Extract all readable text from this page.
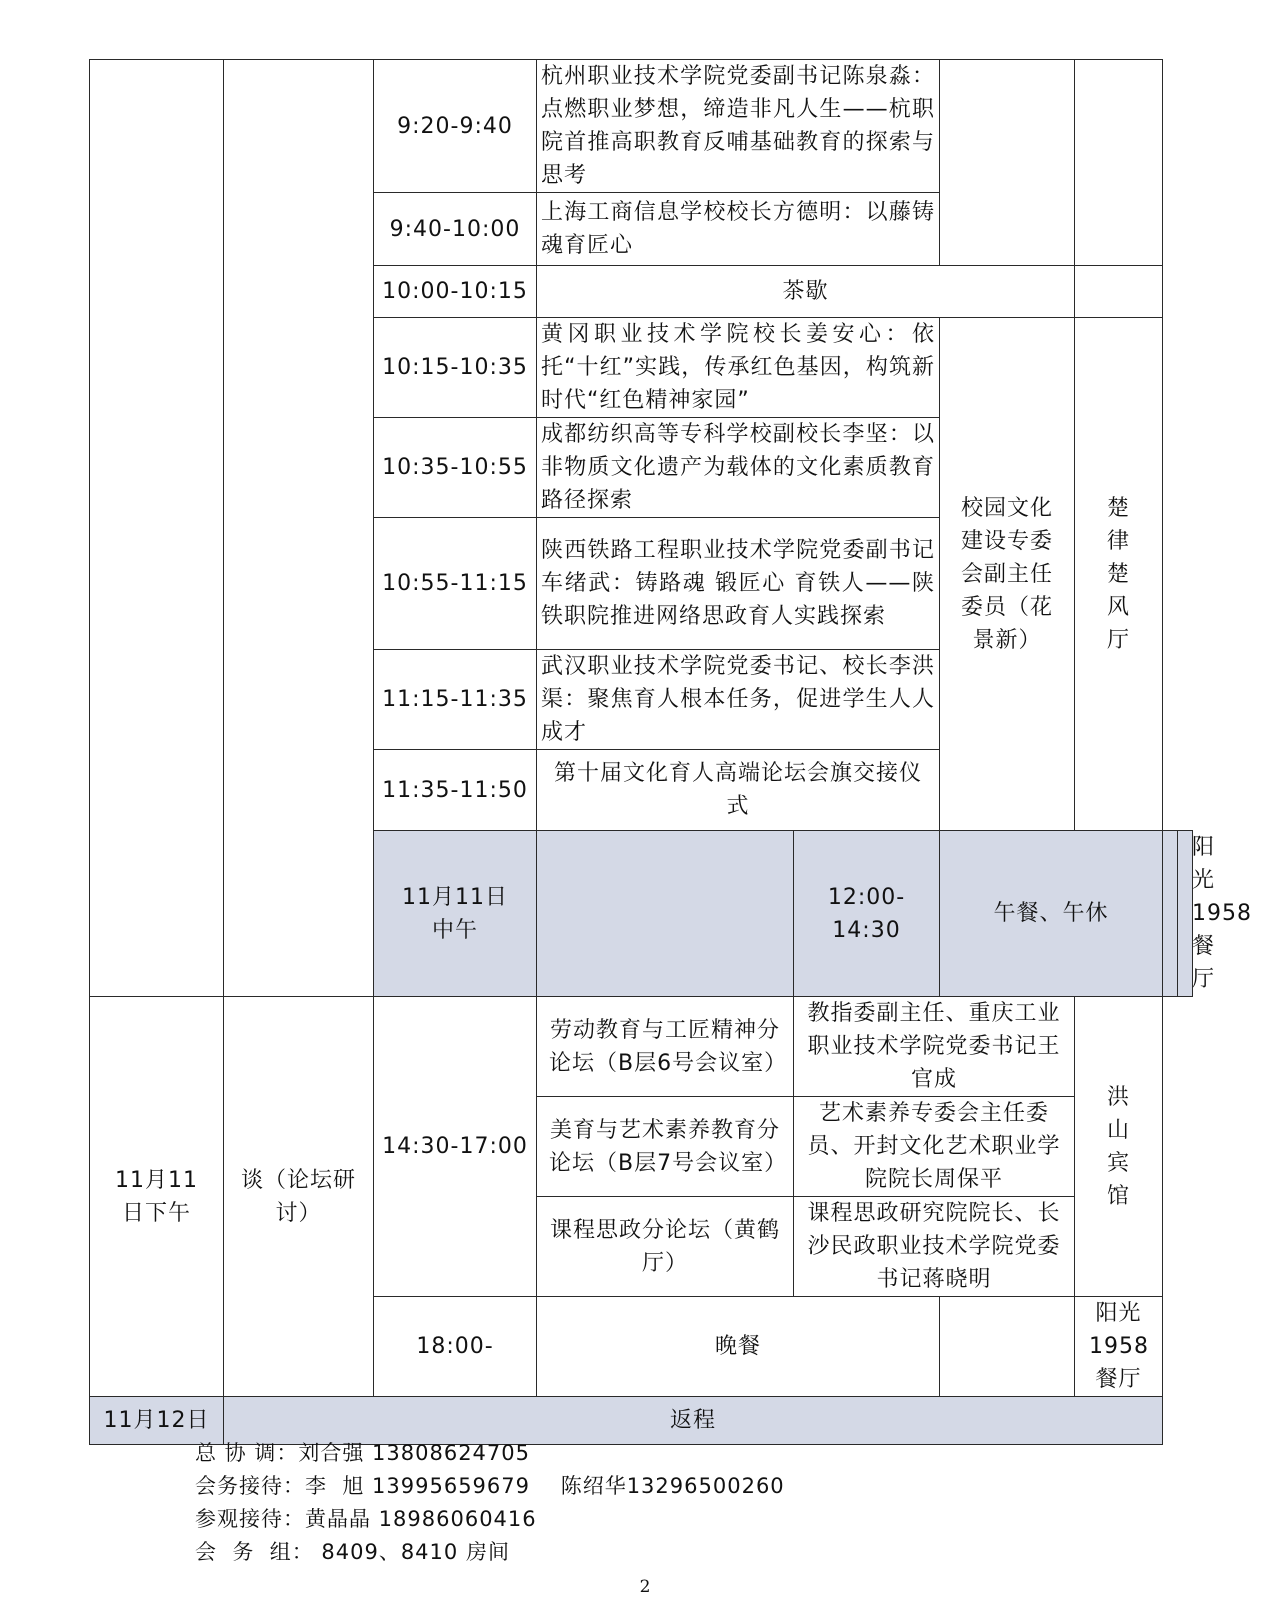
		9:20-9:40	杭州职业技术学院党委副书记陈泉淼：点燃职业梦想，缔造非凡人生——杭职院首推高职教育反哺基础教育的探索与思考					
		9:40-10:00	上海工商信息学校校长方德明：以藤铸魂育匠心					
		10:00-10:15	茶歇					
		10:15-10:35	黄冈职业技术学院校长姜安心：依托“十红”实践，传承红色基因，构筑新时代“红色精神家园”		校园文化建设专委会副主任委员（花景新）	楚律楚风厅		
		10:35-10:55	成都纺织高等专科学校副校长李坚：以非物质文化遗产为载体的文化素质教育路径探索					
		10:55-11:15	陕西铁路工程职业技术学院党委副书记车绪武：铸路魂 锻匠心 育铁人——陕铁职院推进网络思政育人实践探索					
		11:15-11:35	武汉职业技术学院党委书记、校长李洪渠：聚焦育人根本任务，促进学生人人成才					
		11:35-11:50	第十届文化育人高端论坛会旗交接仪式					
		11月11日中午		12:00-14:30	午餐、午休			阳光1958餐厅
11月11日下午	谈（论坛研讨）	14:30-17:00	劳动教育与工匠精神分论坛（B层6号会议室）	教指委副主任、重庆工业职业技术学院党委书记王官成		洪山宾馆		
			美育与艺术素养教育分论坛（B层7号会议室）	艺术素养专委会主任委员、开封文化艺术职业学院院长周保平				
			课程思政分论坛（黄鹤厅）	课程思政研究院院长、长沙民政职业技术学院党委书记蒋晓明				
		18:00-	晚餐			阳光1958餐厅		
11月12日	返程							
总 协 调：刘合强 13808624705
会务接待：李  旭 13995659679    陈绍华13296500260
参观接待：黄晶晶 18986060416
会  务  组： 8409、8410 房间
2
